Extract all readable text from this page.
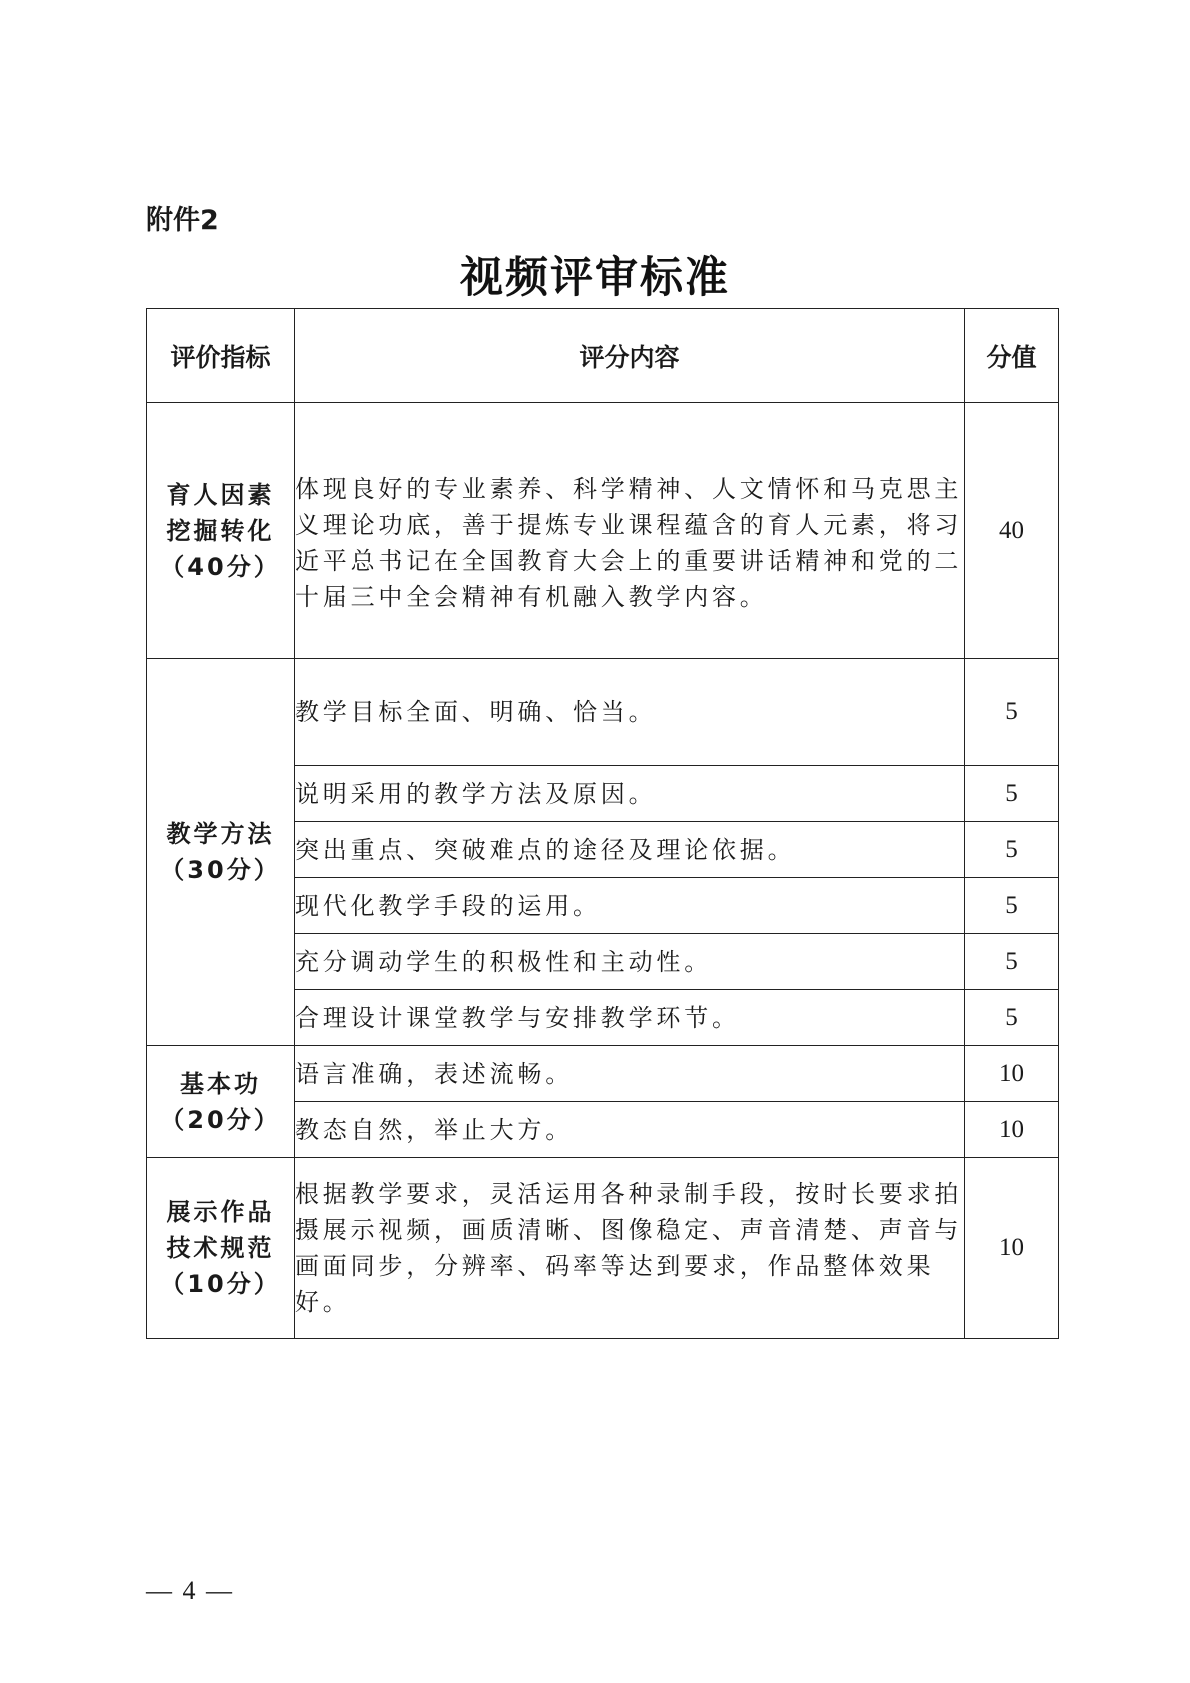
附件2
视频评审标准
评价指标	评分内容	分值

育人因素
挖掘转化
（40分）	体现良好的专业素养、科学精神、人文情怀和马克思主义理论功底，善于提炼专业课程蕴含的育人元素，将习近平总书记在全国教育大会上的重要讲话精神和党的二十届三中全会精神有机融入教学内容。	40

教学方法
（30分）	教学目标全面、明确、恰当。	5
	说明采用的教学方法及原因。	5
	突出重点、突破难点的途径及理论依据。	5
	现代化教学手段的运用。	5
	充分调动学生的积极性和主动性。	5
	合理设计课堂教学与安排教学环节。	5

基本功
（20分）	语言准确，表述流畅。	10
	教态自然，举止大方。	10

展示作品
技术规范
（10分）	根据教学要求，灵活运用各种录制手段，按时长要求拍摄展示视频，画质清晰、图像稳定、声音清楚、声音与画面同步，分辨率、码率等达到要求，作品整体效果好。	10
— 4 —
